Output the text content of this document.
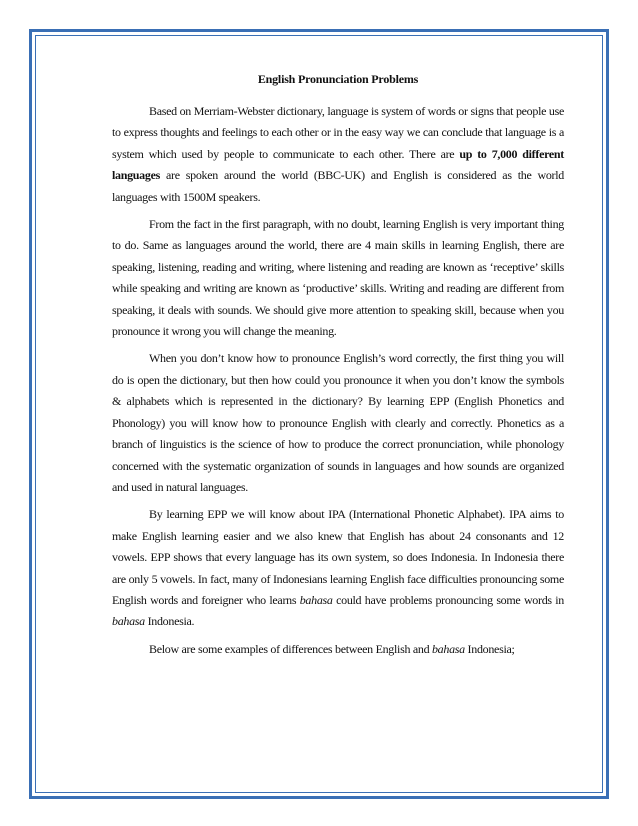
English Pronunciation Problems

Based on Merriam-Webster dictionary, language is system of words or signs that people use to express thoughts and feelings to each other or in the easy way we can conclude that language is a system which used by people to communicate to each other. There are up to 7,000 different languages are spoken around the world (BBC-UK) and English is considered as the world languages with 1500M speakers.

From the fact in the first paragraph, with no doubt, learning English is very important thing to do. Same as languages around the world, there are 4 main skills in learning English, there are speaking, listening, reading and writing, where listening and reading are known as ‘receptive’ skills while speaking and writing are known as ‘productive’ skills. Writing and reading are different from speaking, it deals with sounds. We should give more attention to speaking skill, because when you pronounce it wrong you will change the meaning.

When you don’t know how to pronounce English’s word correctly, the first thing you will do is open the dictionary, but then how could you pronounce it when you don’t know the symbols & alphabets which is represented in the dictionary? By learning EPP (English Phonetics and Phonology) you will know how to pronounce English with clearly and correctly. Phonetics as a branch of linguistics is the science of how to produce the correct pronunciation, while phonology concerned with the systematic organization of sounds in languages and how sounds are organized and used in natural languages.

By learning EPP we will know about IPA (International Phonetic Alphabet). IPA aims to make English learning easier and we also knew that English has about 24 consonants and 12 vowels. EPP shows that every language has its own system, so does Indonesia. In Indonesia there are only 5 vowels. In fact, many of Indonesians learning English face difficulties pronouncing some English words and foreigner who learns bahasa could have problems pronouncing some words in bahasa Indonesia.

Below are some examples of differences between English and bahasa Indonesia;
